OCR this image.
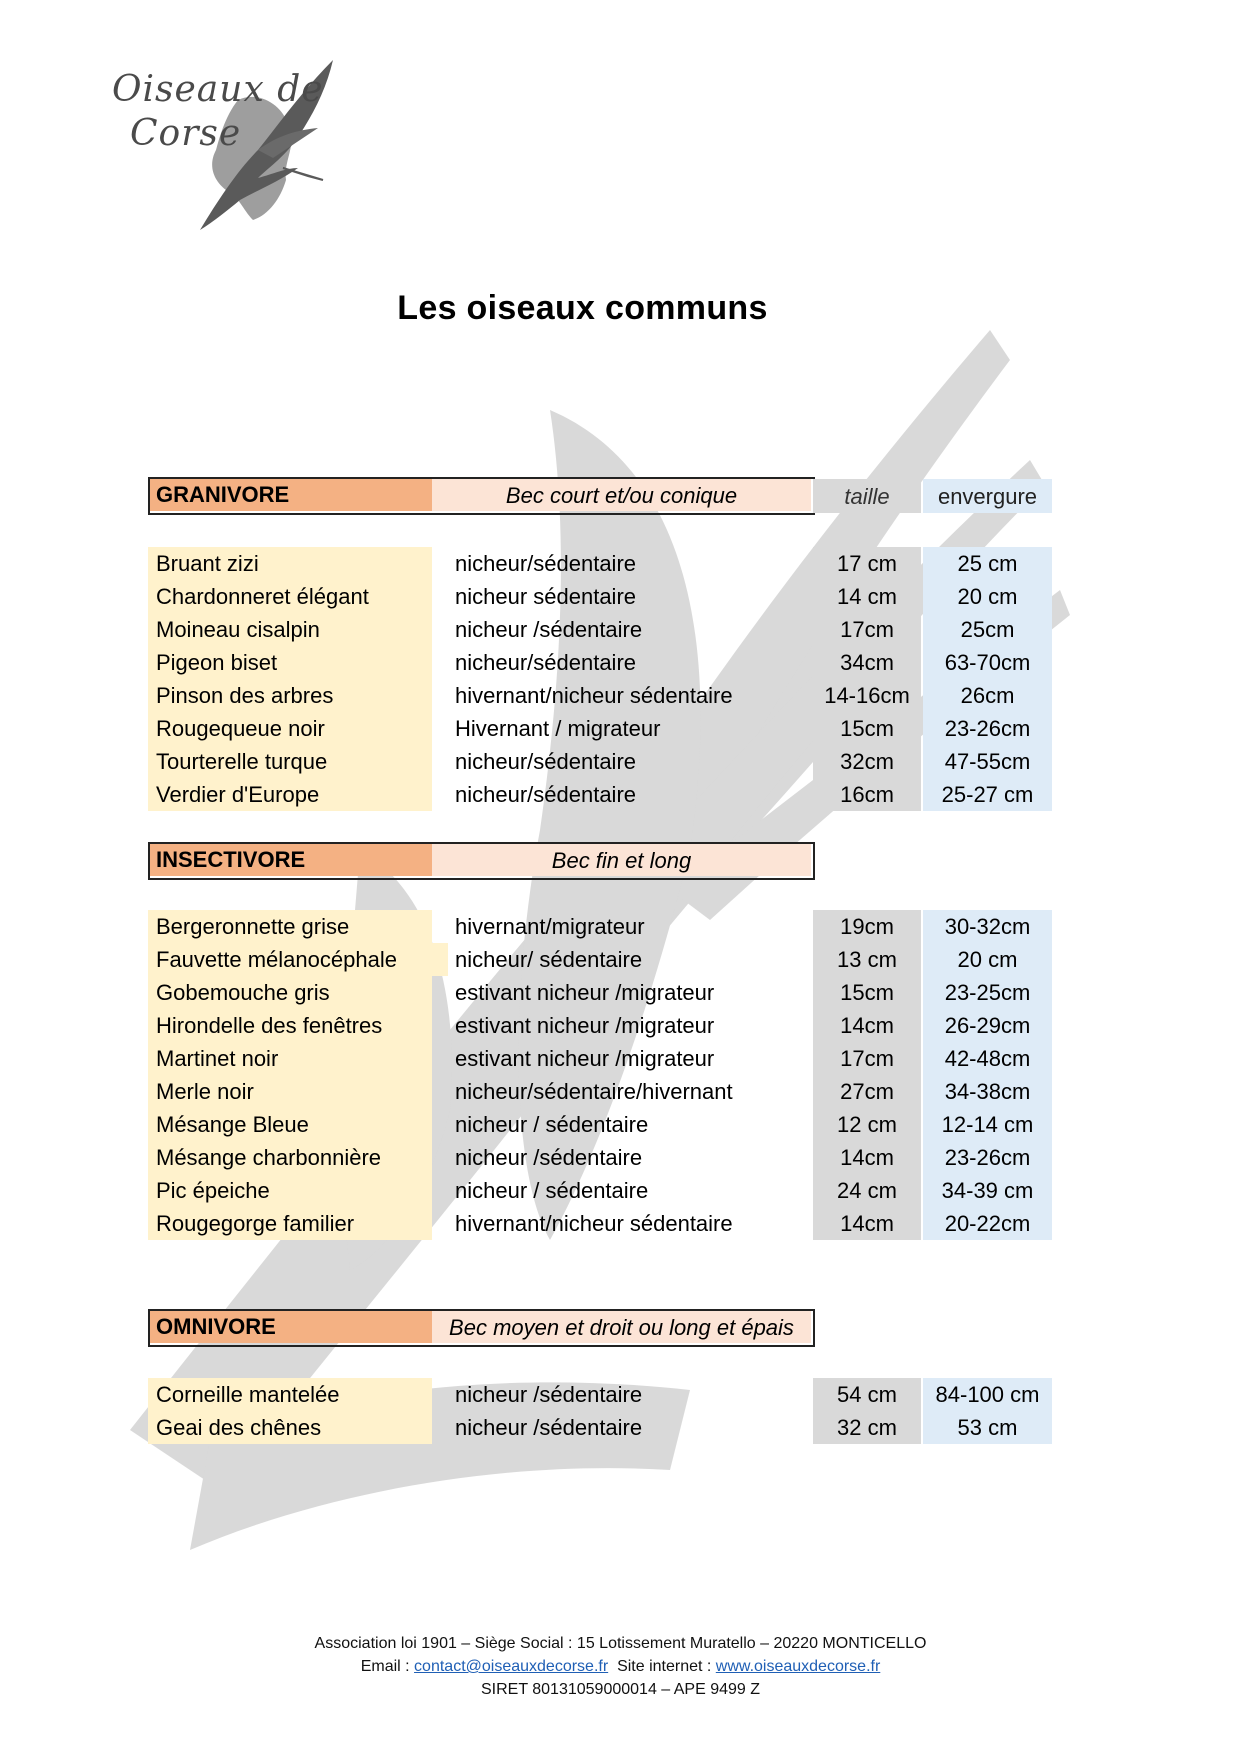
Oiseaux de
Corse
Les oiseaux communs
GRANIVORE	Bec court et/ou conique	taille	envergure
Bruant zizi	nicheur/sédentaire	17 cm	25 cm
Chardonneret élégant	nicheur sédentaire	14 cm	20 cm
Moineau cisalpin	nicheur /sédentaire	17cm	25cm
Pigeon biset	nicheur/sédentaire	34cm	63-70cm
Pinson des arbres	hivernant/nicheur sédentaire	14-16cm	26cm
Rougequeue noir	Hivernant / migrateur	15cm	23-26cm
Tourterelle turque	nicheur/sédentaire	32cm	47-55cm
Verdier d'Europe	nicheur/sédentaire	16cm	25-27 cm
INSECTIVORE	Bec fin et long
Bergeronnette grise	hivernant/migrateur	19cm	30-32cm
Fauvette mélanocéphale	nicheur/ sédentaire	13 cm	20 cm
Gobemouche gris	estivant nicheur /migrateur	15cm	23-25cm
Hirondelle des fenêtres	estivant nicheur /migrateur	14cm	26-29cm
Martinet noir	estivant nicheur /migrateur	17cm	42-48cm
Merle noir	nicheur/sédentaire/hivernant	27cm	34-38cm
Mésange Bleue	nicheur / sédentaire	12 cm	12-14 cm
Mésange charbonnière	nicheur /sédentaire	14cm	23-26cm
Pic épeiche	nicheur / sédentaire	24 cm	34-39 cm
Rougegorge familier	hivernant/nicheur sédentaire	14cm	20-22cm
OMNIVORE	Bec moyen et droit ou long et épais
Corneille mantelée	nicheur /sédentaire	54 cm	84-100 cm
Geai des chênes	nicheur /sédentaire	32 cm	53 cm
Association loi 1901 – Siège Social : 15 Lotissement Muratello – 20220 MONTICELLO
Email : contact@oiseauxdecorse.fr  Site internet : www.oiseauxdecorse.fr
SIRET 80131059000014 – APE 9499 Z
